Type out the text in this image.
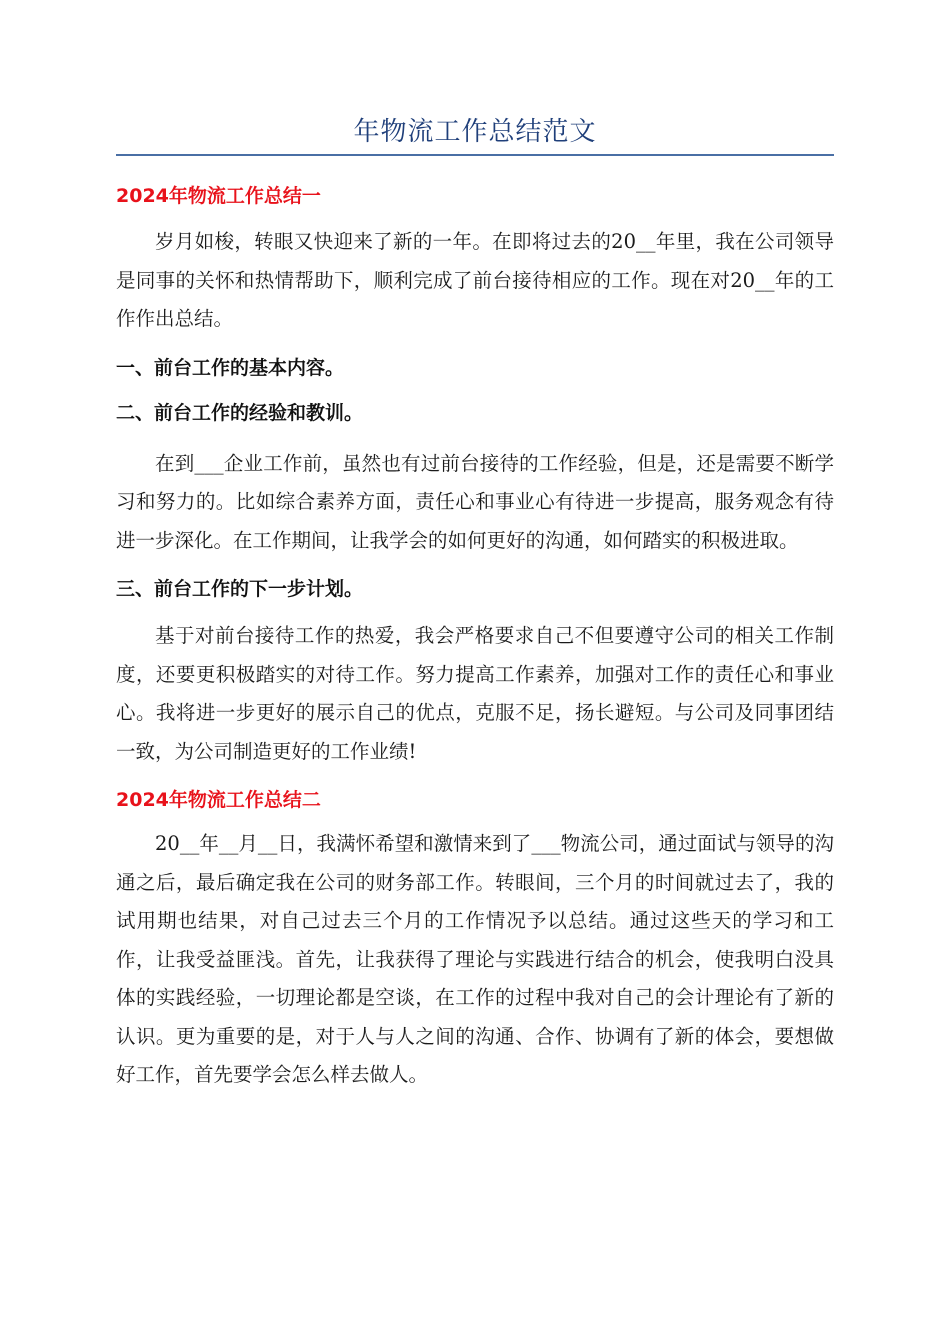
年物流工作总结范文

2024年物流工作总结一

岁月如梭，转眼又快迎来了新的一年。在即将过去的20__年里，我在公司领导是同事的关怀和热情帮助下，顺利完成了前台接待相应的工作。现在对20__年的工作作出总结。

一、前台工作的基本内容。

二、前台工作的经验和教训。

在到___企业工作前，虽然也有过前台接待的工作经验，但是，还是需要不断学习和努力的。比如综合素养方面，责任心和事业心有待进一步提高，服务观念有待进一步深化。在工作期间，让我学会的如何更好的沟通，如何踏实的积极进取。

三、前台工作的下一步计划。

基于对前台接待工作的热爱，我会严格要求自己不但要遵守公司的相关工作制度，还要更积极踏实的对待工作。努力提高工作素养，加强对工作的责任心和事业心。我将进一步更好的展示自己的优点，克服不足，扬长避短。与公司及同事团结一致，为公司制造更好的工作业绩!

2024年物流工作总结二

20__年__月__日，我满怀希望和激情来到了___物流公司，通过面试与领导的沟通之后，最后确定我在公司的财务部工作。转眼间，三个月的时间就过去了，我的试用期也结果，对自己过去三个月的工作情况予以总结。通过这些天的学习和工作，让我受益匪浅。首先，让我获得了理论与实践进行结合的机会，使我明白没具体的实践经验，一切理论都是空谈，在工作的过程中我对自己的会计理论有了新的认识。更为重要的是，对于人与人之间的沟通、合作、协调有了新的体会，要想做好工作，首先要学会怎么样去做人。
